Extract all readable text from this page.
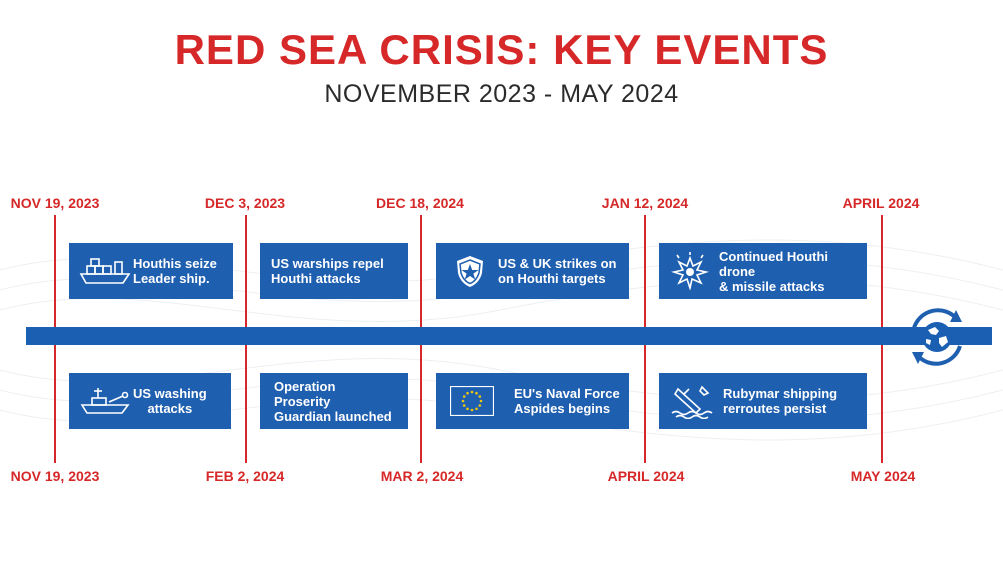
RED SEA CRISIS: KEY EVENTS
NOVEMBER 2023 - MAY 2024
NOV 19, 2023	DEC 3, 2023	DEC 18, 2024	JAN 12, 2024	APRIL 2024
NOV 19, 2023	FEB 2, 2024	MAR 2, 2024	APRIL 2024	MAY 2024
Houthis seize
Leader ship.
US warships repel
Houthi attacks
US & UK strikes on
on Houthi targets
Continued Houthi drone
& missile attacks
US washing
attacks
Operation
Proserity
Guardian launched
EU's Naval Force
Aspides begins
Rubymar shipping
rerroutes persist
